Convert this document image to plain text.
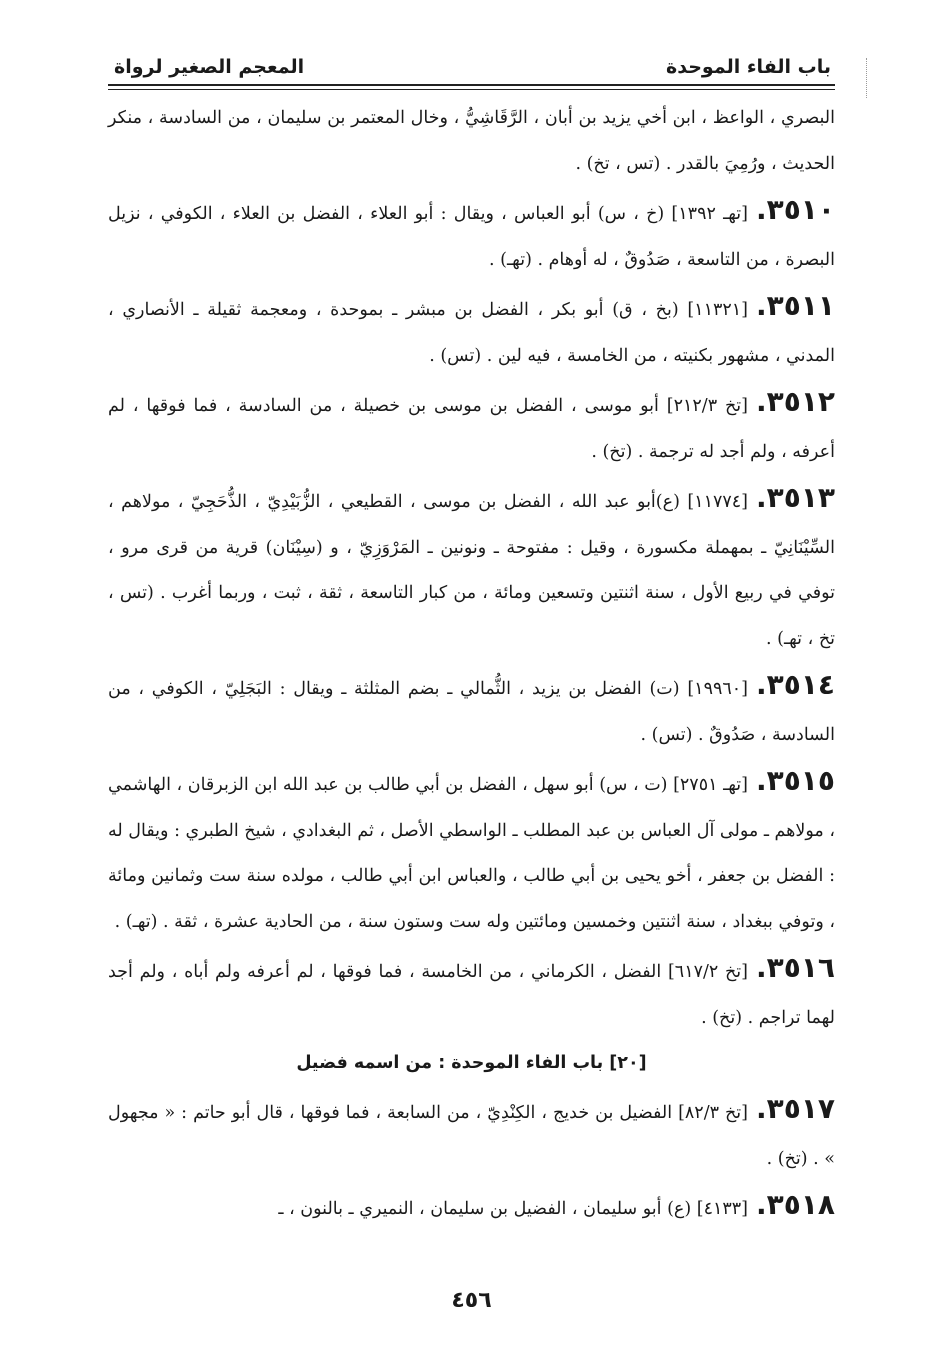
باب الفاء الموحدة
المعجم الصغير لرواة

البصري ، الواعظ ، ابن أخي يزيد بن أبان ، الرَّقَاشِيُّ ، وخال المعتمر بن سليمان ، من السادسة ، منكر الحديث ، ورُمِيَ بالقدر . (تس ، تخ) .

٣٥١٠.[تهـ ١٣٩٢] (خ ، س) أبو العباس ، ويقال : أبو العلاء ، الفضل بن العلاء ، الكوفي ، نزيل البصرة ، من التاسعة ، صَدُوقٌ ، له أوهام . (تهـ) .

٣٥١١.[١١٣٢١] (بخ ، ق) أبو بكر ، الفضل بن مبشر ـ بموحدة ، ومعجمة ثقيلة ـ الأنصاري ، المدني ، مشهور بكنيته ، من الخامسة ، فيه لين . (تس) .

٣٥١٢.[تخ ٢١٢/٣] أبو موسى ، الفضل بن موسى بن خصيلة ، من السادسة ، فما فوقها ، لم أعرفه ، ولم أجد له ترجمة . (تخ) .

٣٥١٣.[١١٧٧٤] (ع)أبو عبد الله ، الفضل بن موسى ، القطيعي ، الزُّبَيْدِيّ ، الذُّحَجِيّ ، مولاهم ، السِّيْنَانِيّ ـ بمهملة مكسورة ، وقيل : مفتوحة ـ ونونين ـ المَرْوَزِيّ ، و (سِيْنَان) قرية من قرى مرو ، توفي في ربيع الأول ، سنة اثنتين وتسعين ومائة ، من كبار التاسعة ، ثقة ، ثبت ، وربما أغرب . (تس ، تخ ، تهـ) .

٣٥١٤.[١٩٩٦٠] (ت) الفضل بن يزيد ، الثُّمالي ـ بضم المثلثة ـ ويقال : البَجَلِيّ ، الكوفي ، من السادسة ، صَدُوقٌ . (تس) .

٣٥١٥.[تهـ ٢٧٥١] (ت ، س) أبو سهل ، الفضل بن أبي طالب بن عبد الله ابن الزبرقان ، الهاشمي ، مولاهم ـ مولى آل العباس بن عبد المطلب ـ الواسطي الأصل ، ثم البغدادي ، شيخ الطبري : ويقال له : الفضل بن جعفر ، أخو يحيى بن أبي طالب ، والعباس ابن أبي طالب ، مولده سنة ست وثمانين ومائة ، وتوفي ببغداد ، سنة اثنتين وخمسين ومائتين وله ست وستون سنة ، من الحادية عشرة ، ثقة . (تهـ) .

٣٥١٦.[تخ ٦١٧/٢] الفضل ، الكرماني ، من الخامسة ، فما فوقها ، لم أعرفه ولم أباه ، ولم أجد لهما تراجم . (تخ) .

[٢٠] باب الفاء الموحدة : من اسمه فضيل

٣٥١٧.[تخ ٨٢/٣] الفضيل بن خديج ، الكِنْدِيّ ، من السابعة ، فما فوقها ، قال أبو حاتم : « مجهول » . (تخ) .

٣٥١٨.[٤١٣٣] (ع) أبو سليمان ، الفضيل بن سليمان ، النميري ـ بالنون ، ـ

٤٥٦
